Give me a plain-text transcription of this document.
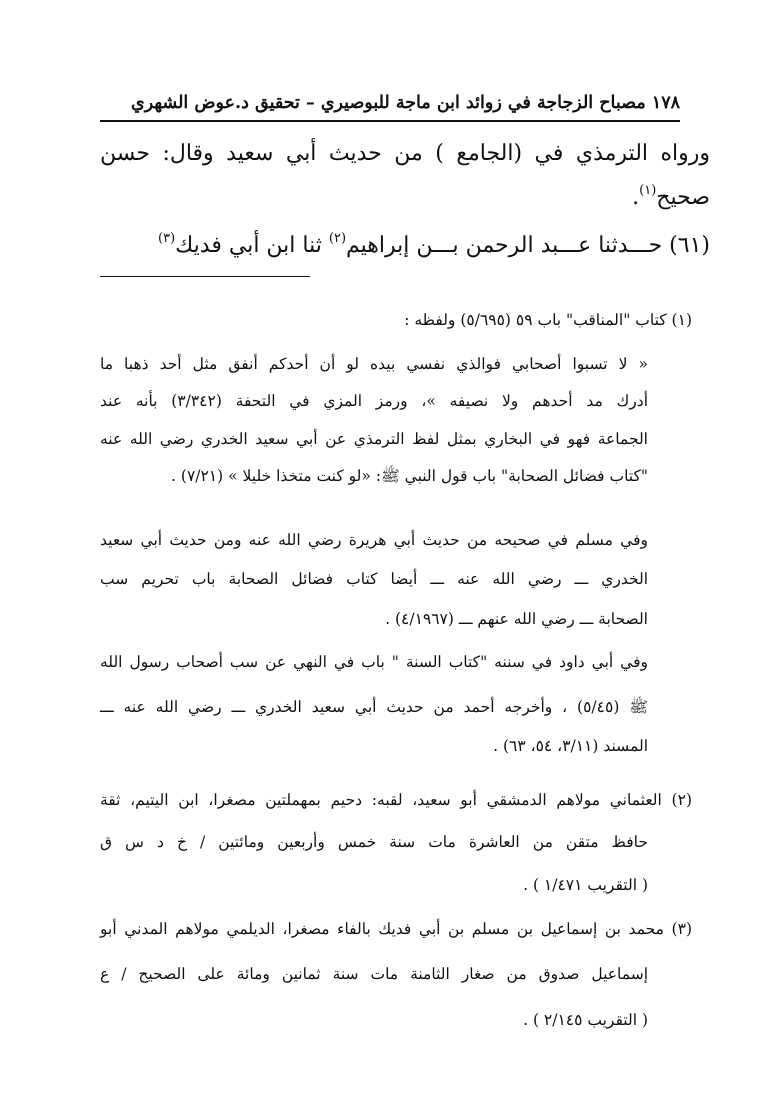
١٧٨ مصباح الزجاجة في زوائد ابن ماجة للبوصيري – تحقيق د.عوض الشهري
ورواه الترمذي في (الجامع ) من حديث أبي سعيد وقال: حسن
صحيح$^{(١)}$.
(٦١) حـــدثنا عـــبد الرحمن بـــن إبراهيم$^{(٢)}$ ثنا ابن أبي فديك$^{(٣)}$
(١) كتاب "المناقب" باب ٥٩ (٥/٦٩٥) ولفظه :
« لا تسبوا أصحابي فوالذي نفسي بيده لو أن أحدكم أنفق مثل أحد ذهبا ما
أدرك مد أحدهم ولا نصيفه »، ورمز المزي في التحفة (٣/٣٤٢) بأنه عند
الجماعة فهو في البخاري بمثل لفظ الترمذي عن أبي سعيد الخدري رضي الله عنه
"كتاب فضائل الصحابة" باب قول النبي ﷺ: «لو كنت متخذا خليلا » (٧/٢١) .
وفي مسلم في صحيحه من حديث أبي هريرة رضي الله عنه ومن حديث أبي سعيد
الخدري ـــ رضي الله عنه ـــ أيضا كتاب فضائل الصحابة باب تحريم سب
الصحابة ـــ رضي الله عنهم ـــ (٤/١٩٦٧) .
وفي أبي داود في سننه "كتاب السنة " باب في النهي عن سب أصحاب رسول الله
ﷺ (٥/٤٥) ، وأخرجه أحمد من حديث أبي سعيد الخدري ـــ رضي الله عنه ـــ
المسند (٣/١١، ٥٤، ٦٣) .
(٢) العثماني مولاهم الدمشقي أبو سعيد، لقبه: دحيم بمهملتين مصغرا، ابن اليتيم، ثقة
حافظ متقن من العاشرة مات سنة خمس وأربعين ومائتين / خ د س ق
( التقريب ١/٤٧١ ) .
(٣) محمد بن إسماعيل بن مسلم بن أبي فديك بالفاء مصغرا، الديلمي مولاهم المدني أبو
إسماعيل صدوق من صغار الثامنة مات سنة ثمانين ومائة على الصحيح / ع
( التقريب ٢/١٤٥ ) .
